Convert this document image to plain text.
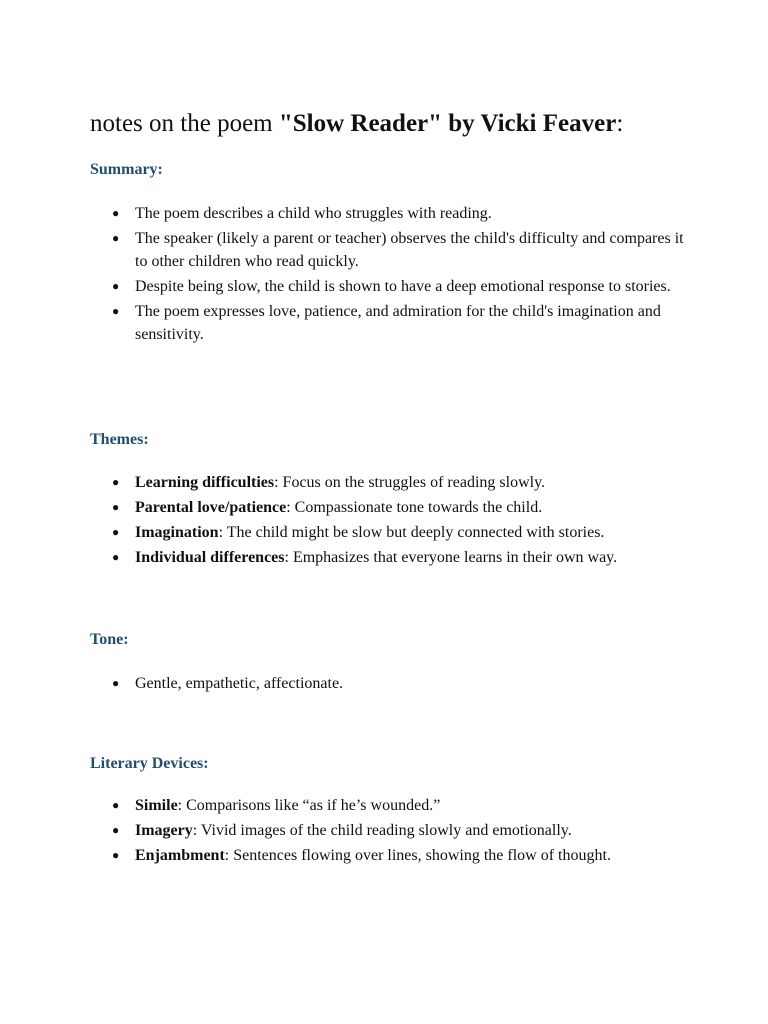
notes on the poem "Slow Reader" by Vicki Feaver:
Summary:
● The poem describes a child who struggles with reading.
● The speaker (likely a parent or teacher) observes the child's difficulty and compares it to other children who read quickly.
● Despite being slow, the child is shown to have a deep emotional response to stories.
● The poem expresses love, patience, and admiration for the child's imagination and sensitivity.
Themes:
● Learning difficulties: Focus on the struggles of reading slowly.
● Parental love/patience: Compassionate tone towards the child.
● Imagination: The child might be slow but deeply connected with stories.
● Individual differences: Emphasizes that everyone learns in their own way.
Tone:
● Gentle, empathetic, affectionate.
Literary Devices:
● Simile: Comparisons like “as if he’s wounded.”
● Imagery: Vivid images of the child reading slowly and emotionally.
● Enjambment: Sentences flowing over lines, showing the flow of thought.
